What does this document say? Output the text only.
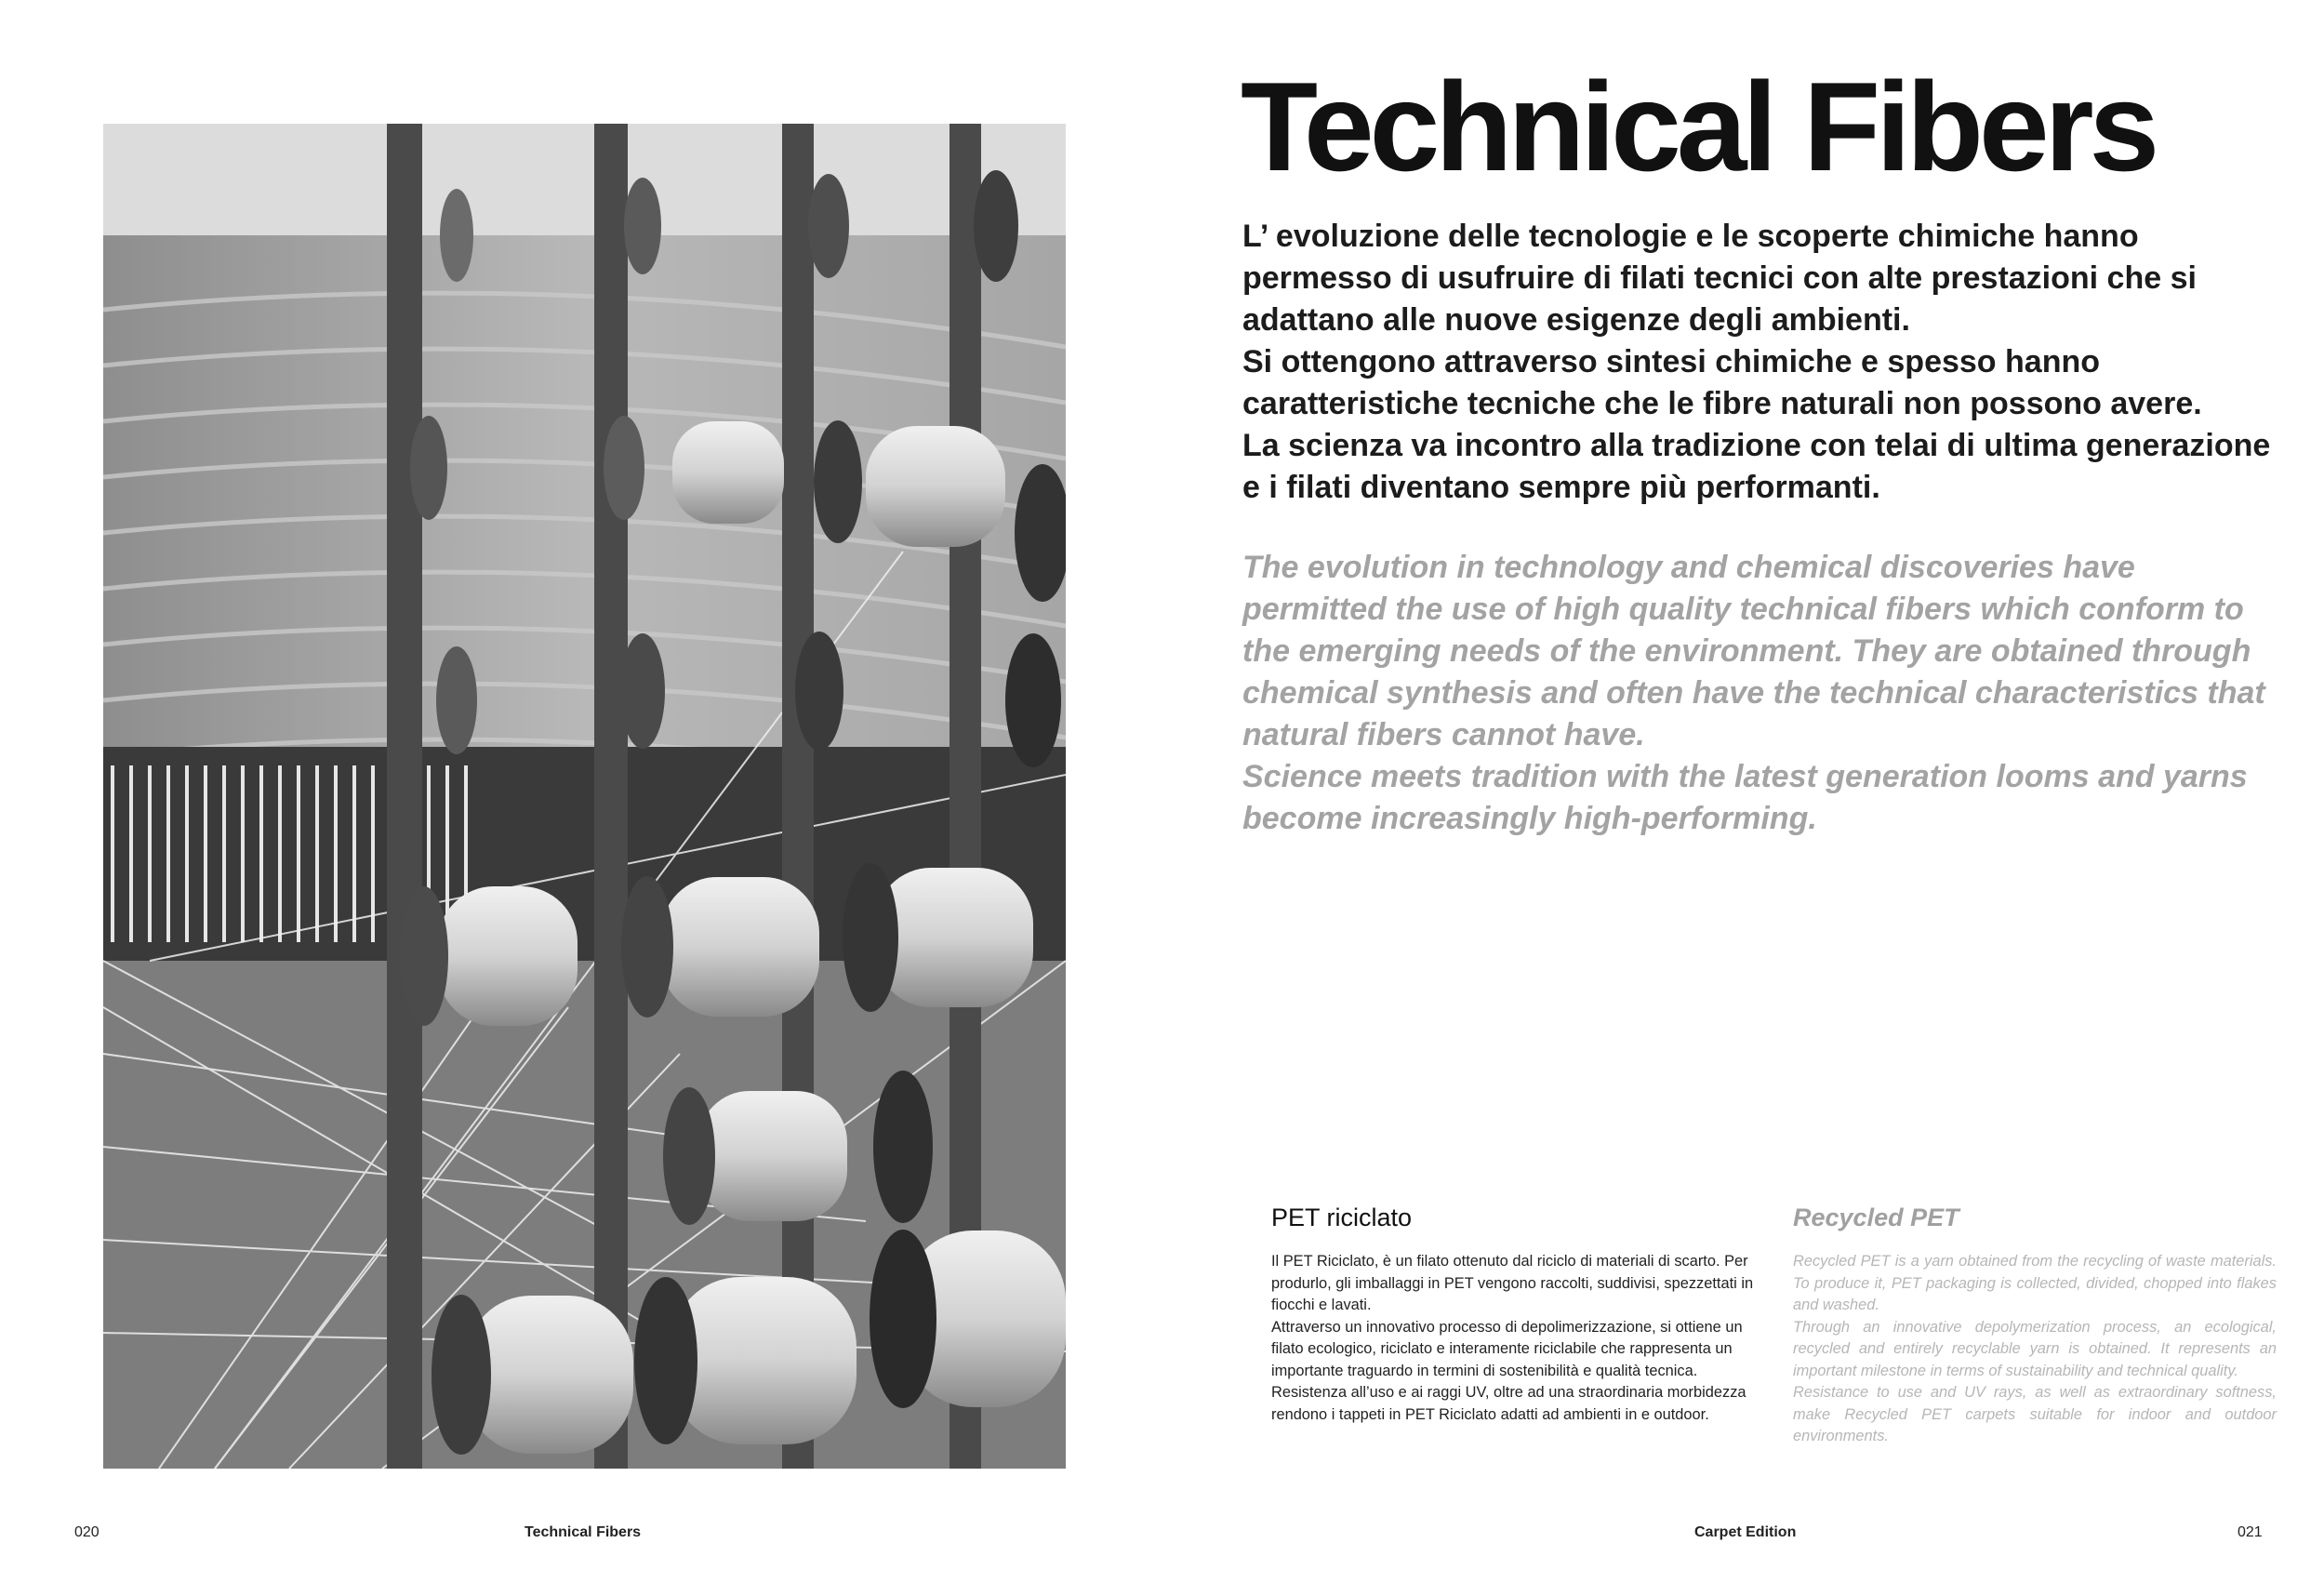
Technical Fibers
L’ evoluzione delle tecnologie e le scoperte chimiche hanno permesso di usufruire di filati tecnici con alte prestazioni che si adattano alle nuove esigenze degli ambienti.
Si ottengono attraverso sintesi chimiche e spesso hanno caratteristiche tecniche che le fibre naturali non possono avere.
La scienza va incontro alla tradizione con telai di ultima generazione e i filati diventano sempre più performanti.
The evolution in technology and chemical discoveries have permitted the use of high quality technical fibers which conform to the emerging needs of the environment. They are obtained through chemical synthesis and often have the technical characteristics that natural fibers cannot have.
Science meets tradition with the latest generation looms and yarns become increasingly high-performing.
PET riciclato
Il PET Riciclato, è un filato ottenuto dal riciclo di materiali di scarto. Per produrlo, gli imballaggi in PET vengono raccolti, suddivisi, spezzettati in fiocchi e lavati.
Attraverso un innovativo processo di depolimerizzazione, si ottiene un filato ecologico, riciclato e interamente riciclabile che rappresenta un importante traguardo in termini di sostenibilità e qualità tecnica.
Resistenza all’uso e ai raggi UV, oltre ad una straordinaria morbidezza rendono i tappeti in PET Riciclato adatti ad ambienti in e outdoor.
Recycled PET
Recycled PET is a yarn obtained from the recycling of waste materials. To produce it, PET packaging is collected, divided, chopped into flakes and washed.
Through an innovative depolymerization process, an ecological, recycled and entirely recyclable yarn is obtained. It represents an important milestone in terms of sustainability and technical quality.
Resistance to use and UV rays, as well as extraordinary softness, make Recycled PET carpets suitable for indoor and outdoor environments.
020	Technical Fibers	Carpet Edition	021
